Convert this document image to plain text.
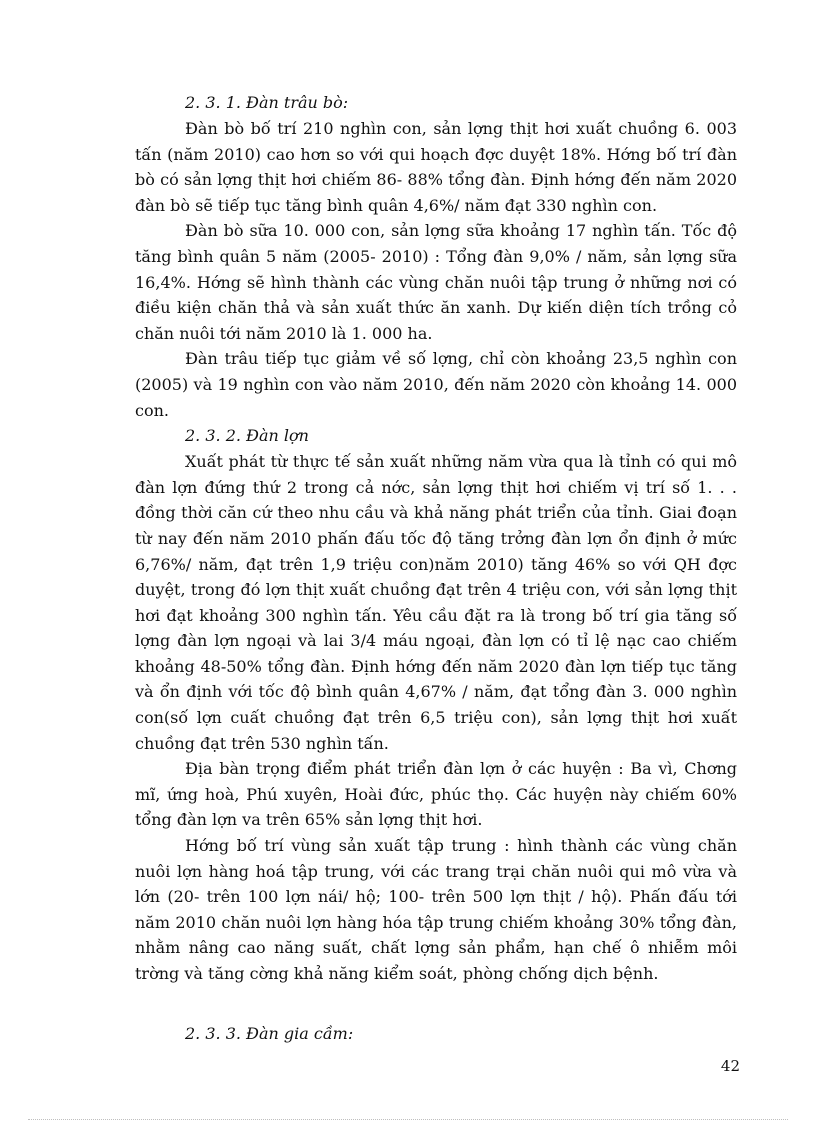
2. 3. 1. Đàn trâu bò:

Đàn bò bố trí 210 nghìn con, sản lợng thịt hơi xuất chuồng 6. 003 tấn (năm 2010) cao hơn so với qui hoạch đợc duyệt 18%. Hớng bố trí đàn bò có sản lợng thịt hơi chiếm 86- 88% tổng đàn. Định hớng đến năm 2020 đàn bò sẽ tiếp tục tăng bình quân 4,6%/ năm đạt 330 nghìn con.

Đàn bò sữa 10. 000 con, sản lợng sữa khoảng 17 nghìn tấn. Tốc độ tăng bình quân 5 năm (2005- 2010) : Tổng đàn 9,0% / năm, sản lợng sữa 16,4%. Hớng sẽ hình thành các vùng chăn nuôi tập trung ở những nơi có điều kiện chăn thả và sản xuất thức ăn xanh. Dự kiến diện tích trồng cỏ chăn nuôi tới năm 2010 là 1. 000 ha.

Đàn trâu tiếp tục giảm về số lợng, chỉ còn khoảng 23,5 nghìn con (2005) và 19 nghìn con vào năm 2010, đến năm 2020 còn khoảng 14. 000 con.

2. 3. 2. Đàn lợn

Xuất phát từ thực tế sản xuất những năm vừa qua là tỉnh có qui mô đàn lợn đứng thứ 2 trong cả nớc, sản lợng thịt hơi chiếm vị trí số 1. . . đồng thời căn cứ theo nhu cầu và khả năng phát triển của tỉnh. Giai đoạn từ nay đến năm 2010 phấn đấu tốc độ tăng trởng đàn lợn ổn định ở mức 6,76%/ năm, đạt trên 1,9 triệu con)năm 2010) tăng 46% so với QH đợc duyệt, trong đó lợn thịt xuất chuồng đạt trên 4 triệu con, với sản lợng thịt hơi đạt khoảng 300 nghìn tấn. Yêu cầu đặt ra là trong bố trí gia tăng số lợng đàn lợn ngoại và lai 3/4 máu ngoại, đàn lợn có tỉ lệ nạc cao chiếm khoảng 48-50% tổng đàn. Định hớng đến năm 2020 đàn lợn tiếp tục tăng và ổn định với tốc độ bình quân 4,67% / năm, đạt tổng đàn 3. 000 nghìn con(số lợn cuất chuồng đạt trên 6,5 triệu con), sản lợng thịt hơi xuất chuồng đạt trên 530 nghìn tấn.

Địa bàn trọng điểm phát triển đàn lợn ở các huyện : Ba vì, Chơng mĩ, ứng hoà, Phú xuyên, Hoài đức, phúc thọ. Các huyện này chiếm 60% tổng đàn lợn va trên 65% sản lợng thịt hơi.

Hớng bố trí vùng sản xuất tập trung : hình thành các vùng chăn nuôi lợn hàng hoá tập trung, với các trang trại chăn nuôi qui mô vừa và lớn (20- trên 100 lợn nái/ hộ; 100- trên 500 lợn thịt / hộ). Phấn đấu tới năm 2010 chăn nuôi lợn hàng hóa tập trung chiếm khoảng 30% tổng đàn, nhằm nâng cao năng suất, chất lợng sản phẩm, hạn chế ô nhiễm môi trờng và tăng cờng khả năng kiểm soát, phòng chống dịch bệnh.

2. 3. 3. Đàn gia cầm:

42
